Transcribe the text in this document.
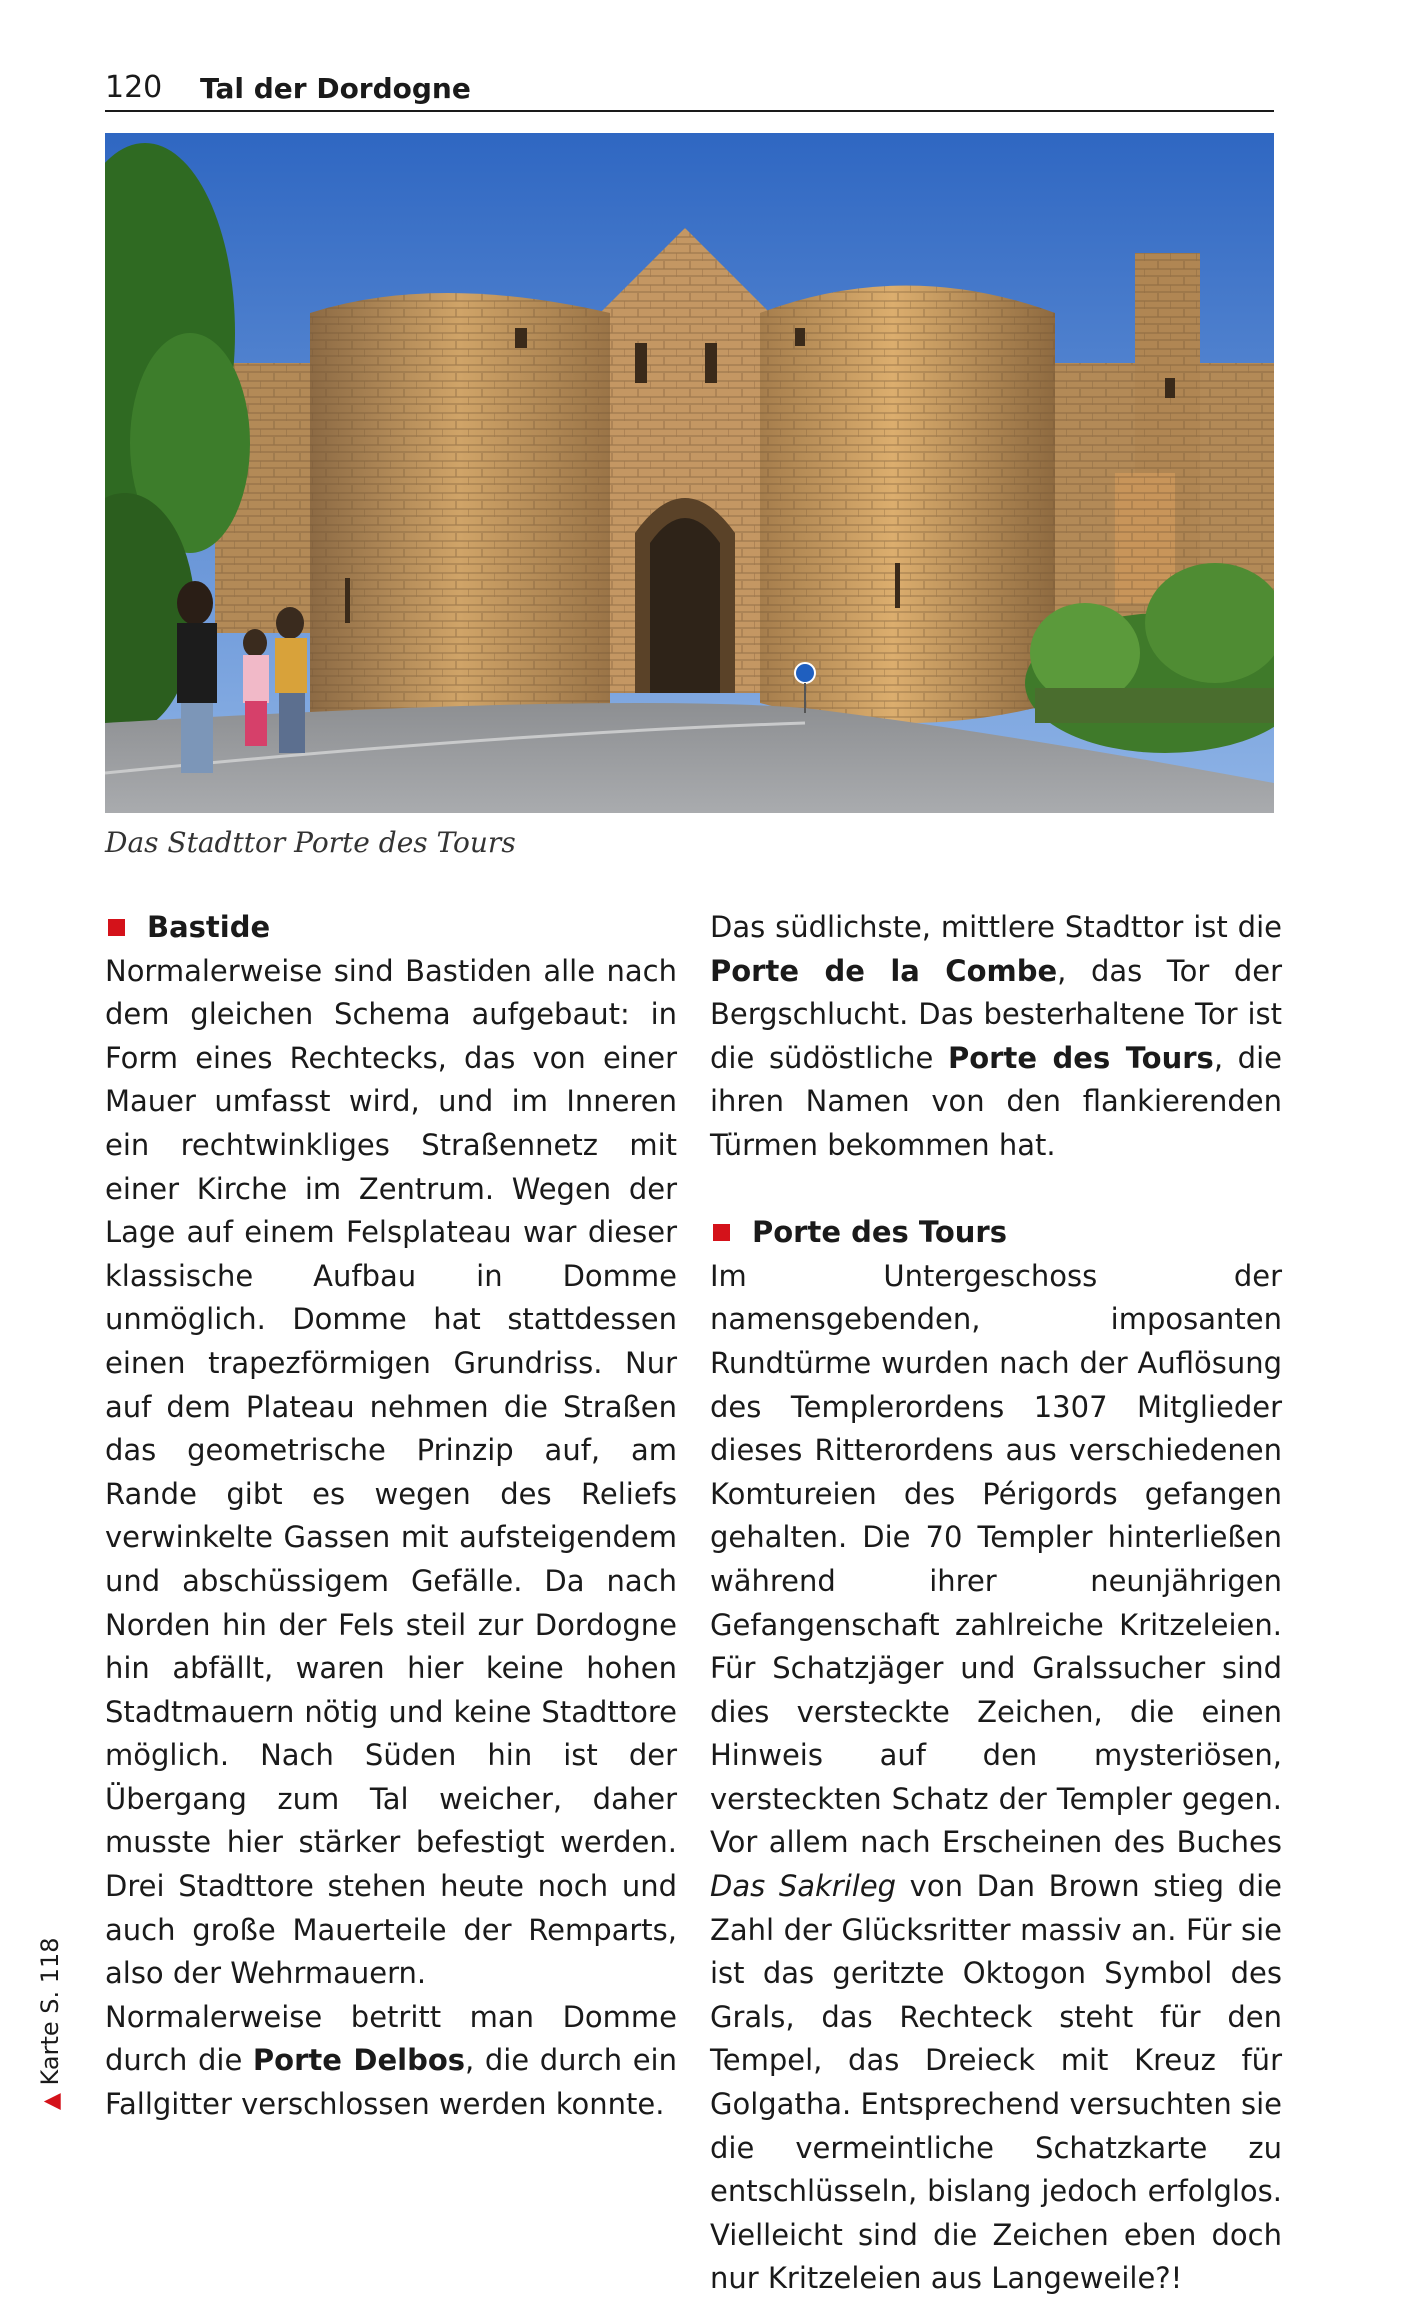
120 Tal der Dordogne
Das Stadttor Porte des Tours
Bastide

Normalerweise sind Bastiden alle nach dem gleichen Schema aufgebaut: in Form eines Rechtecks, das von einer Mauer umfasst wird, und im Inneren ein rechtwinkliges Straßennetz mit einer Kirche im Zentrum. Wegen der Lage auf einem Felsplateau war dieser klassische Aufbau in Domme unmöglich. Domme hat stattdessen einen trapezförmigen Grundriss. Nur auf dem Plateau nehmen die Straßen das geometrische Prinzip auf, am Rande gibt es wegen des Reliefs verwinkelte Gassen mit aufsteigendem und abschüssigem Gefälle. Da nach Norden hin der Fels steil zur Dordogne hin abfällt, waren hier keine hohen Stadtmauern nötig und keine Stadttore möglich. Nach Süden hin ist der Übergang zum Tal weicher, daher musste hier stärker befestigt werden. Drei Stadttore stehen heute noch und auch große Mauerteile der Remparts, also der Wehrmauern.

Normalerweise betritt man Domme durch die Porte Delbos, die durch ein Fallgitter verschlossen werden konnte.

▲ Karte S. 118

Das südlichste, mittlere Stadttor ist die Porte de la Combe, das Tor der Bergschlucht. Das besterhaltene Tor ist die südöstliche Porte des Tours, die ihren Namen von den flankierenden Türmen bekommen hat.

Porte des Tours

Im Untergeschoss der namensgebenden, imposanten Rundtürme wurden nach der Auflösung des Templerordens 1307 Mitglieder dieses Ritterordens aus verschiedenen Komtureien des Périgords gefangen gehalten. Die 70 Templer hinterließen während ihrer neunjährigen Gefangenschaft zahlreiche Kritzeleien. Für Schatzjäger und Gralssucher sind dies versteckte Zeichen, die einen Hinweis auf den mysteriösen, versteckten Schatz der Templer gegen. Vor allem nach Erscheinen des Buches Das Sakrileg von Dan Brown stieg die Zahl der Glücksritter massiv an. Für sie ist das geritzte Oktogon Symbol des Grals, das Rechteck steht für den Tempel, das Dreieck mit Kreuz für Golgatha. Entsprechend versuchten sie die vermeintliche Schatzkarte zu entschlüsseln, bislang jedoch erfolglos. Vielleicht sind die Zeichen eben doch nur Kritzeleien aus Langeweile?!
